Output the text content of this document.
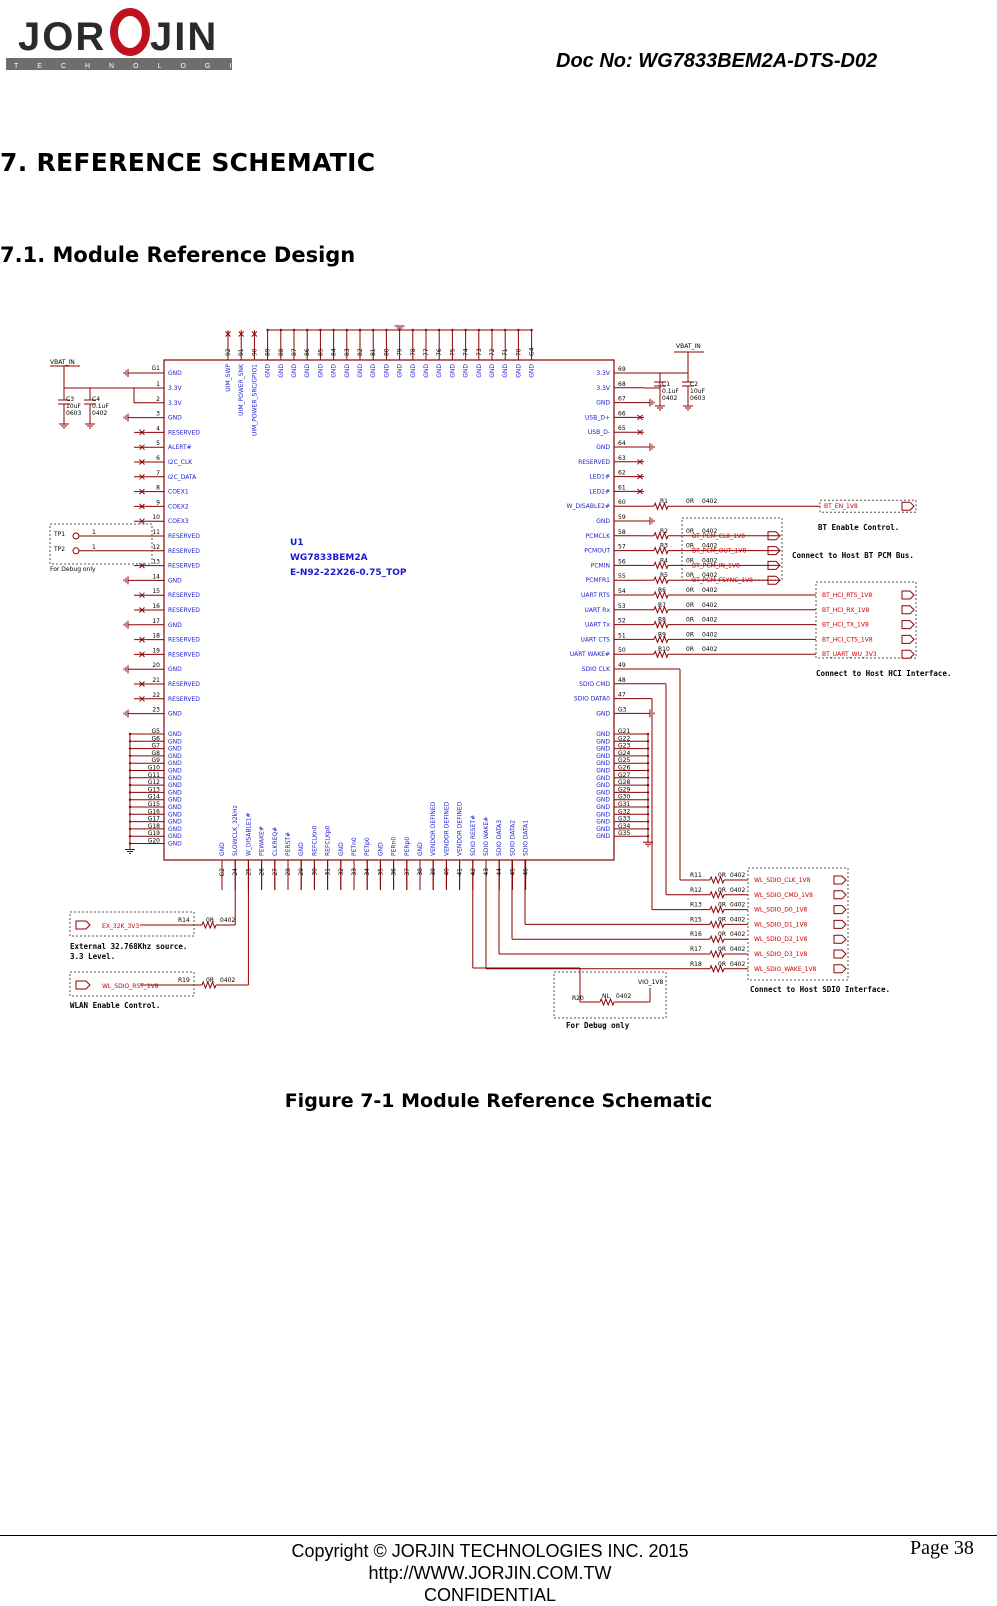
JOR JIN
TECHNOLOGIES	Doc No: WG7833BEM2A-DTS-D02
7. REFERENCE SCHEMATIC
7.1. Module Reference Design
U1
WG7833BEM2A
E-N92-22X26-0.75_TOP
G1
GND
1
3.3V
2
3.3V
3
GND
4
RESERVED
5
ALERT#
6
I2C_CLK
7
I2C_DATA
8
COEX1
9
COEX2
10
COEX3
11
RESERVED
12
RESERVED
13
RESERVED
14
GND
15
RESERVED
16
RESERVED
17
GND
18
RESERVED
19
RESERVED
20
GND
21
RESERVED
22
RESERVED
23
GND
G5 GND
G6 GND
G7 GND
G8 GND
G9 GND
G10 GND
G11 GND
G12 GND
G13 GND
G14 GND
G15 GND
G16 GND
G17 GND
G18 GND
G19 GND
G20 GND
VBAT_IN
C3
10uF
0603
C4
0.1uF
0402
TP1	1
TP2	1
For Debug only
69
3.3V
68
3.3V
67
GND
66
USB_D+
65
USB_D-
64
GND
63
RESERVED
62
LED1#
61
LED2#
60
W_DISABLE2#
59
GND
58
PCMCLK
57
PCMOUT
56
PCMIN
55
PCMFR1
54
UART RTS
53
UART Rx
52
UART Tx
51
UART CTS
50
UART WAKE#
49
SDIO CLK
48
SDIO CMD
47
SDIO DATA0
G3
GND
G21
GND
G22
GND
G23
GND
G24
GND
G25
GND
G26
GND
G27
GND
G28
GND
G29
GND
G30
GND
G31
GND
G32
GND
G33
GND
G34
GND
G35
GND
VBAT_IN
C1
0.1uF
0402
C2
10uF
0603
R1	0R 0402
BT_EN_1V8
BT Enable Control.
R2	0R 0402
BT_PCM_CLK_1V8
R3	0R 0402
BT_PCM_OUT_1V8
R4	0R 0402
BT_PCM_IN_1V8
R5	0R 0402
BT_PCM_FSYNC_1V8
Connect to Host BT PCM Bus.
R6	0R 0402
BT_HCI_RTS_1V8
R7	0R 0402
BT_HCI_RX_1V8
R8	0R 0402
BT_HCI_TX_1V8
R9	0R 0402
BT_HCI_CTS_1V8
R10	0R 0402
BT_UART_WU_3V3
Connect to Host HCI Interface.
R11	0R 0402
WL_SDIO_CLK_1V8
R12	0R 0402
WL_SDIO_CMD_1V8
R13	0R 0402
WL_SDIO_D0_1V8
R15	0R 0402
WL_SDIO_D1_1V8
R16	0R 0402
WL_SDIO_D2_1V8
R17	0R 0402
WL_SDIO_D3_1V8
R18	0R 0402
WL_SDIO_WAKE_1V8
Connect to Host SDIO Interface.
G2
GND
24
SLOWCLK_32kHz
25
W_DISABLE1#
26
PEWAKE#
27
CLKREQ#
28
PERST#
29
GND
30
REFCLKn0
31
REFCLKp0
32
GND
33
PETn0
34
PETp0
35
GND
36
PERn0
37
PERp0
38
GND
39
VENDOR DEFINED
40
VENDOR DEFINED
41
VENDOR DEFINED
42
SDIO RESET#
43
SDIO WAKE#
44
SDIO DATA3
45
SDIO DATA2
46
SDIO DATA1
R14	0R 0402
EX_32K_3V3
External 32.768Khz source.
3.3 Level.
R19	0R 0402
WL_SDIO_RST_1V8
WLAN Enable Control.
R20	NL 0402
VIO_1V8
For Debug only
92
UIM_SWP
91
UIM_POWER_SNK
90
UIM_POWER_SRC/GPIO1
89
GND
88
GND
87
GND
86
GND
85
GND
84
GND
83
GND
82
GND
81
GND
80
GND
79
GND
78
GND
77
GND
76
GND
75
GND
74
GND
73
GND
72
GND
71
GND
70
GND
G4
GND
Figure 7-1 Module Reference Schematic
Copyright © JORJIN TECHNOLOGIES INC. 2015
http://WWW.JORJIN.COM.TW
CONFIDENTIAL
Page 38
